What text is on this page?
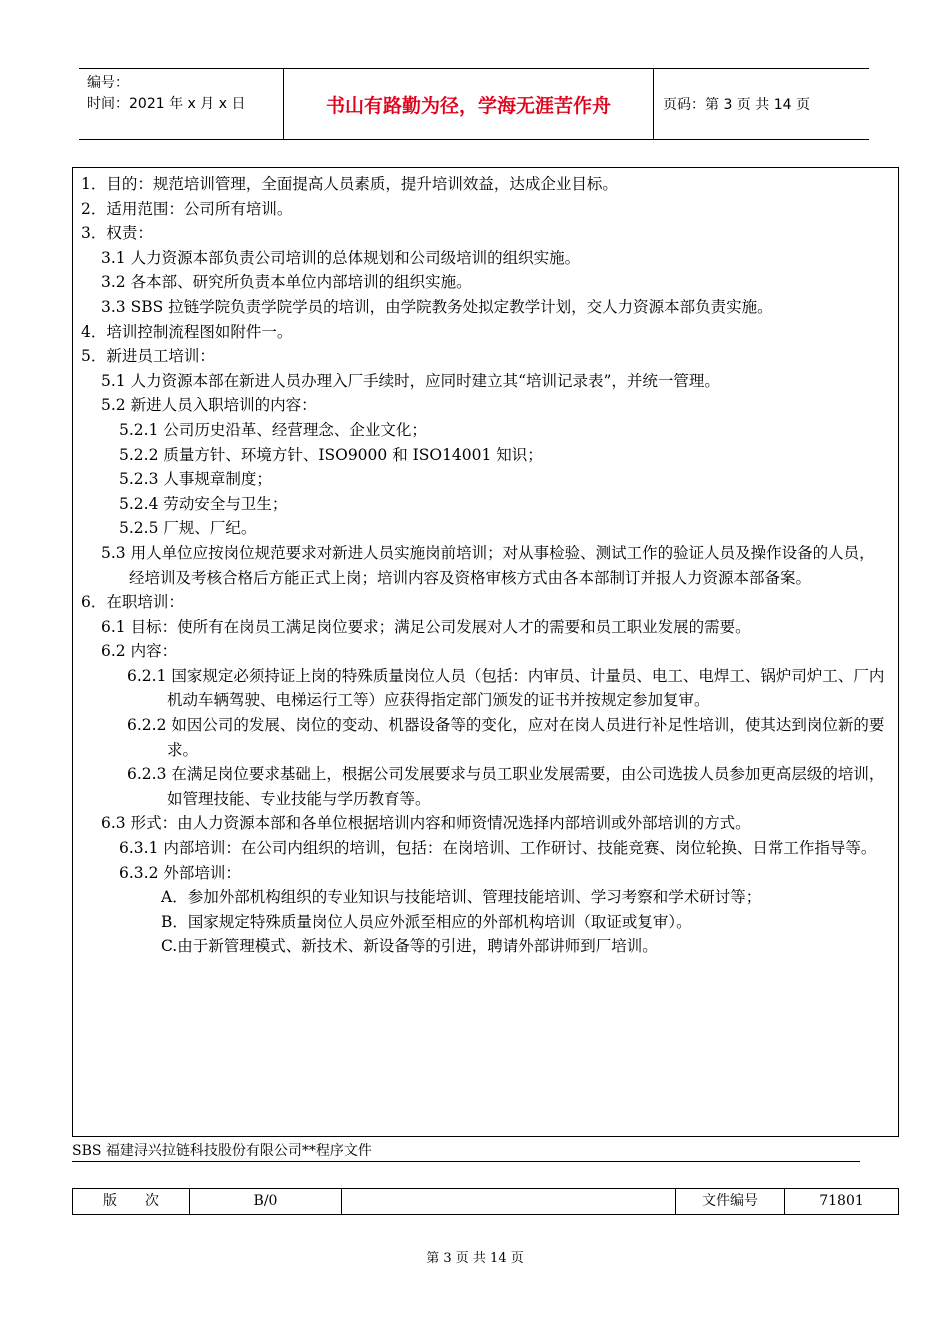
编号：
时间：2021 年 x 月 x 日	书山有路勤为径，学海无涯苦作舟	页码：第 3 页 共 14 页

1．目的：规范培训管理，全面提高人员素质，提升培训效益，达成企业目标。

2．适用范围：公司所有培训。

3．权责：

3.1 人力资源本部负责公司培训的总体规划和公司级培训的组织实施。

3.2 各本部、研究所负责本单位内部培训的组织实施。

3.3 SBS 拉链学院负责学院学员的培训，由学院教务处拟定教学计划，交人力资源本部负责实施。

4．培训控制流程图如附件一。

5．新进员工培训：

5.1 人力资源本部在新进人员办理入厂手续时，应同时建立其“培训记录表”，并统一管理。

5.2 新进人员入职培训的内容：

5.2.1 公司历史沿革、经营理念、企业文化；

5.2.2 质量方针、环境方针、ISO9000 和 ISO14001 知识；

5.2.3 人事规章制度；

5.2.4 劳动安全与卫生；

5.2.5 厂规、厂纪。

5.3 用人单位应按岗位规范要求对新进人员实施岗前培训；对从事检验、测试工作的验证人员及操作设备的人员，经培训及考核合格后方能正式上岗；培训内容及资格审核方式由各本部制订并报人力资源本部备案。

6．在职培训：

6.1 目标：使所有在岗员工满足岗位要求；满足公司发展对人才的需要和员工职业发展的需要。

6.2 内容：

6.2.1 国家规定必须持证上岗的特殊质量岗位人员（包括：内审员、计量员、电工、电焊工、锅炉司炉工、厂内机动车辆驾驶、电梯运行工等）应获得指定部门颁发的证书并按规定参加复审。

6.2.2 如因公司的发展、岗位的变动、机器设备等的变化，应对在岗人员进行补足性培训，使其达到岗位新的要求。

6.2.3 在满足岗位要求基础上，根据公司发展要求与员工职业发展需要，由公司选拔人员参加更高层级的培训，如管理技能、专业技能与学历教育等。

6.3 形式：由人力资源本部和各单位根据培训内容和师资情况选择内部培训或外部培训的方式。

6.3.1 内部培训：在公司内组织的培训，包括：在岗培训、工作研讨、技能竞赛、岗位轮换、日常工作指导等。

6.3.2 外部培训：

A．参加外部机构组织的专业知识与技能培训、管理技能培训、学习考察和学术研讨等；

B．国家规定特殊质量岗位人员应外派至相应的外部机构培训（取证或复审）。

C.由于新管理模式、新技术、新设备等的引进，聘请外部讲师到厂培训。

SBS 福建浔兴拉链科技股份有限公司**程序文件
版　　次	B/0	文件编号	71801
第 3 页 共 14 页
